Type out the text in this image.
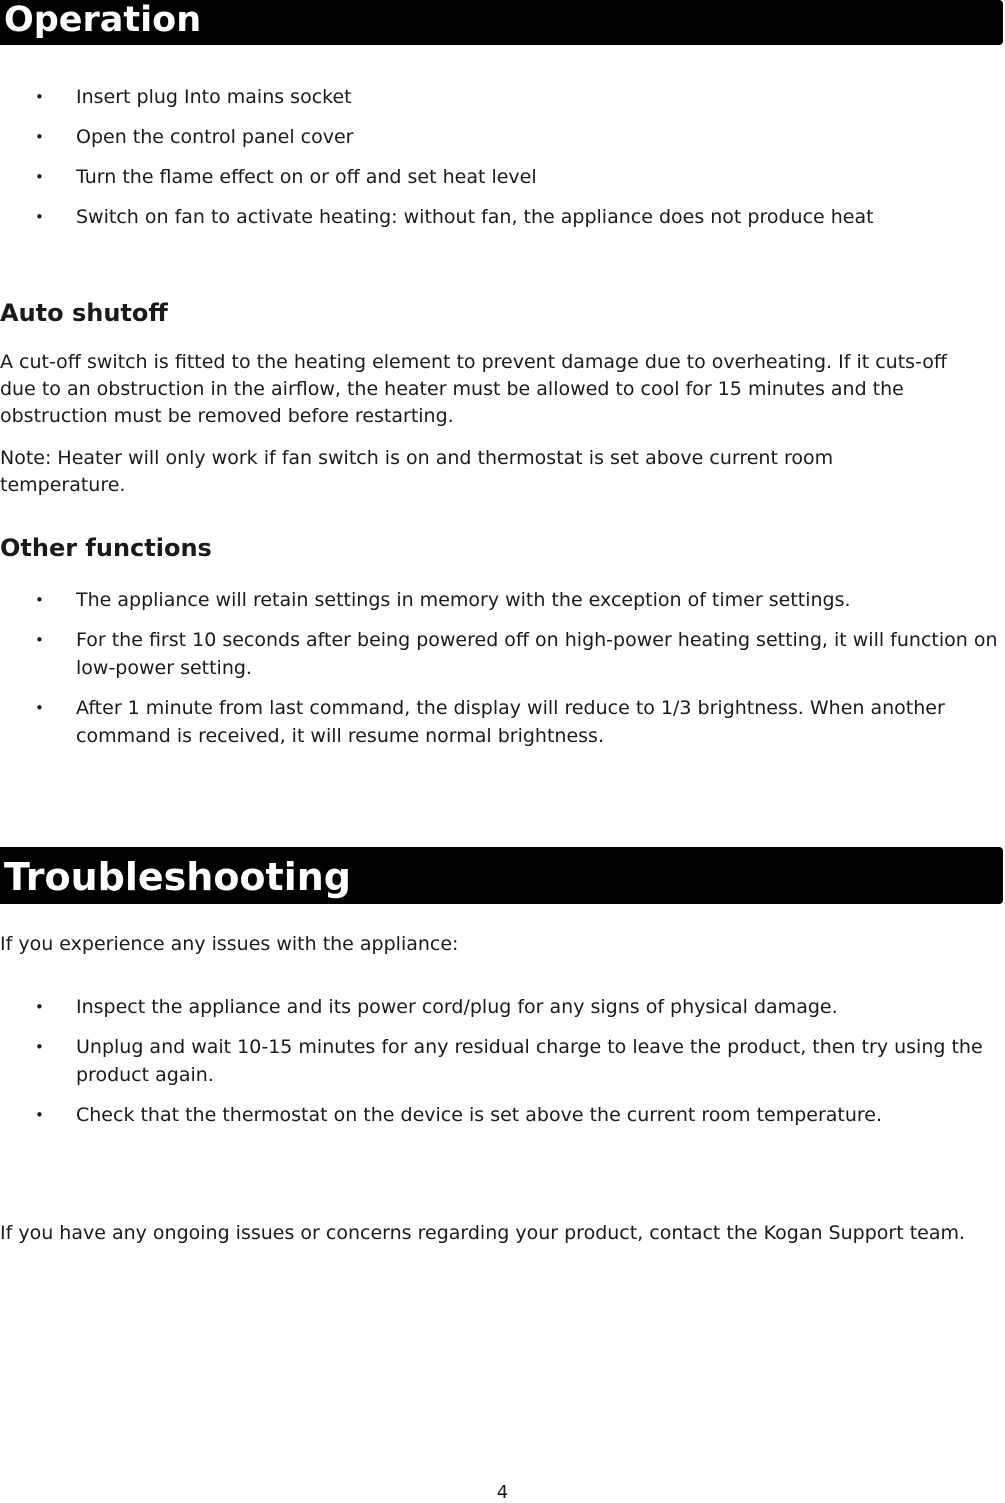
Operation
• Insert plug Into mains socket
• Open the control panel cover
• Turn the flame effect on or off and set heat level
• Switch on fan to activate heating: without fan, the appliance does not produce heat
Auto shutoff

A cut-off switch is fitted to the heating element to prevent damage due to overheating. If it cuts-off due to an obstruction in the airflow, the heater must be allowed to cool for 15 minutes and the obstruction must be removed before restarting.

Note: Heater will only work if fan switch is on and thermostat is set above current room temperature.

Other functions
• The appliance will retain settings in memory with the exception of timer settings.
• For the first 10 seconds after being powered off on high-power heating setting, it will function on low-power setting.
• After 1 minute from last command, the display will reduce to 1/3 brightness. When another command is received, it will resume normal brightness.
Troubleshooting

If you experience any issues with the appliance:

• Inspect the appliance and its power cord/plug for any signs of physical damage.
• Unplug and wait 10-15 minutes for any residual charge to leave the product, then try using the product again.
• Check that the thermostat on the device is set above the current room temperature.

If you have any ongoing issues or concerns regarding your product, contact the Kogan Support team.

4
